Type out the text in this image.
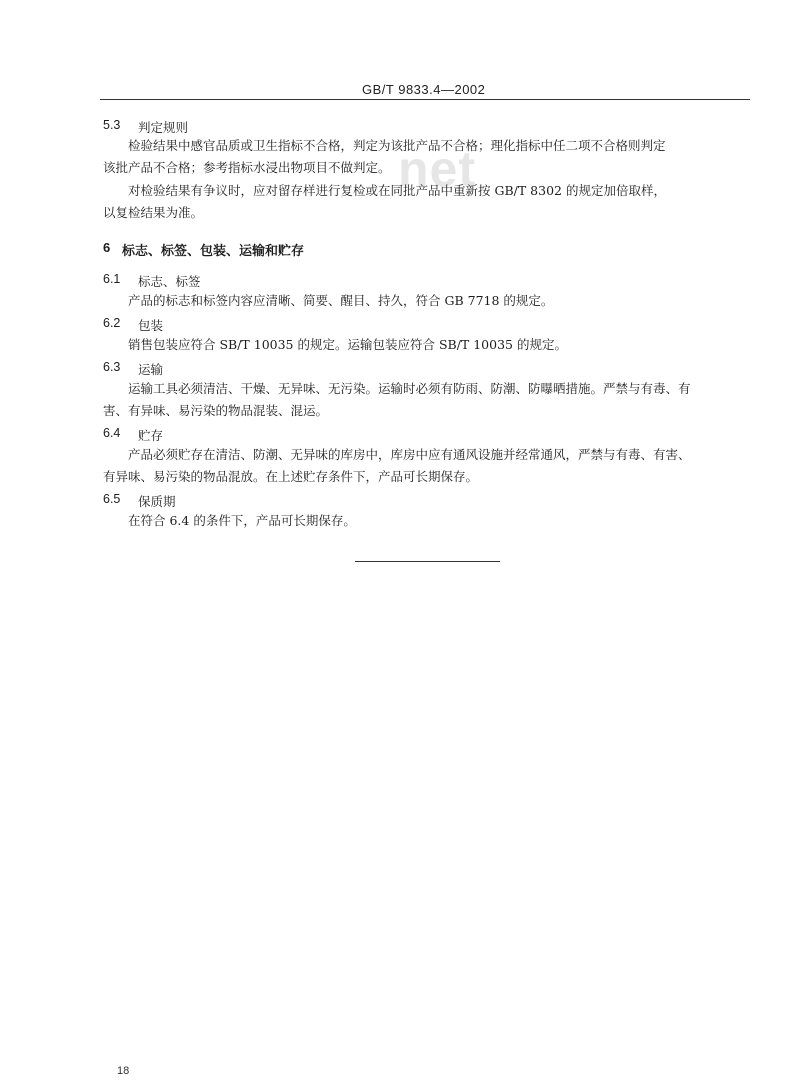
GB/T 9833.4—2002
net
5.3 判定规则
检验结果中感官品质或卫生指标不合格，判定为该批产品不合格；理化指标中任二项不合格则判定
该批产品不合格；参考指标水浸出物项目不做判定。
对检验结果有争议时，应对留存样进行复检或在同批产品中重新按 GB/T 8302 的规定加倍取样，
以复检结果为准。
6 标志、标签、包装、运输和贮存
6.1 标志、标签
产品的标志和标签内容应清晰、简要、醒目、持久，符合 GB 7718 的规定。
6.2 包装
销售包装应符合 SB/T 10035 的规定。运输包装应符合 SB/T 10035 的规定。
6.3 运输
运输工具必须清洁、干燥、无异味、无污染。运输时必须有防雨、防潮、防曝晒措施。严禁与有毒、有
害、有异味、易污染的物品混装、混运。
6.4 贮存
产品必须贮存在清洁、防潮、无异味的库房中，库房中应有通风设施并经常通风，严禁与有毒、有害、
有异味、易污染的物品混放。在上述贮存条件下，产品可长期保存。
6.5 保质期
在符合 6.4 的条件下，产品可长期保存。
18
